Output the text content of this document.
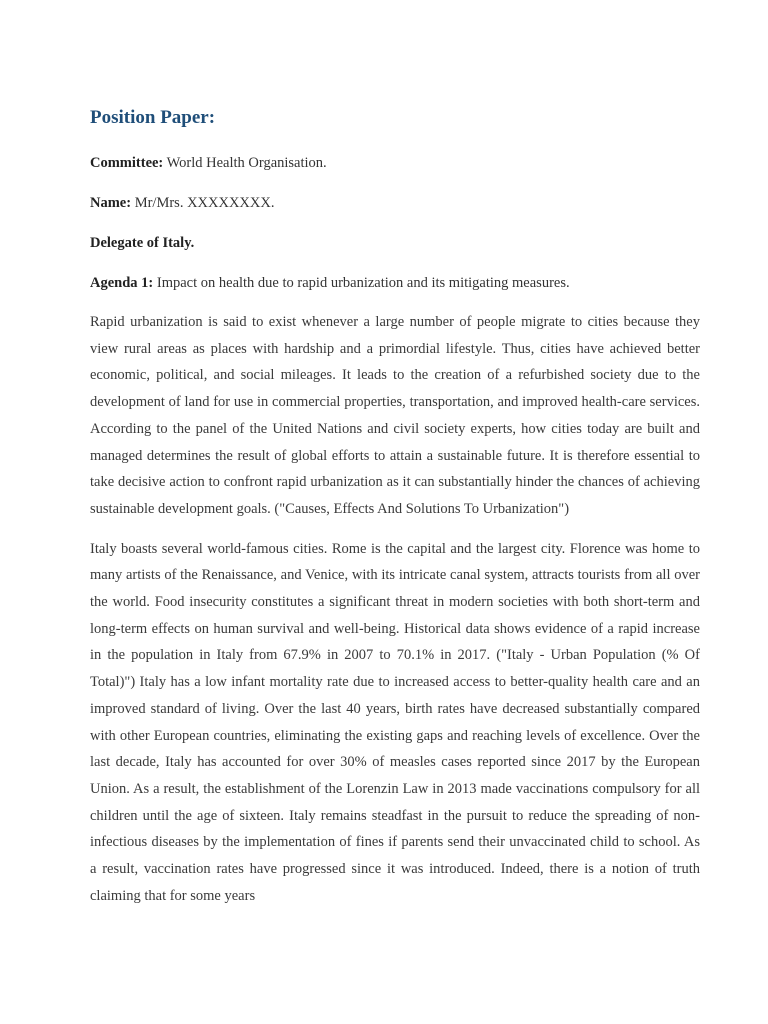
Position Paper:

Committee: World Health Organisation.

Name: Mr/Mrs. XXXXXXXX.

Delegate of Italy.

Agenda 1: Impact on health due to rapid urbanization and its mitigating measures.

Rapid urbanization is said to exist whenever a large number of people migrate to cities because they view rural areas as places with hardship and a primordial lifestyle. Thus, cities have achieved better economic, political, and social mileages. It leads to the creation of a refurbished society due to the development of land for use in commercial properties, transportation, and improved health-care services. According to the panel of the United Nations and civil society experts, how cities today are built and managed determines the result of global efforts to attain a sustainable future. It is therefore essential to take decisive action to confront rapid urbanization as it can substantially hinder the chances of achieving sustainable development goals. ("Causes, Effects And Solutions To Urbanization")

Italy boasts several world-famous cities. Rome is the capital and the largest city. Florence was home to many artists of the Renaissance, and Venice, with its intricate canal system, attracts tourists from all over the world. Food insecurity constitutes a significant threat in modern societies with both short-term and long-term effects on human survival and well-being. Historical data shows evidence of a rapid increase in the population in Italy from 67.9% in 2007 to 70.1% in 2017. ("Italy - Urban Population (% Of Total)") Italy has a low infant mortality rate due to increased access to better-quality health care and an improved standard of living. Over the last 40 years, birth rates have decreased substantially compared with other European countries, eliminating the existing gaps and reaching levels of excellence. Over the last decade, Italy has accounted for over 30% of measles cases reported since 2017 by the European Union. As a result, the establishment of the Lorenzin Law in 2013 made vaccinations compulsory for all children until the age of sixteen. Italy remains steadfast in the pursuit to reduce the spreading of non-infectious diseases by the implementation of fines if parents send their unvaccinated child to school. As a result, vaccination rates have progressed since it was introduced. Indeed, there is a notion of truth claiming that for some years
